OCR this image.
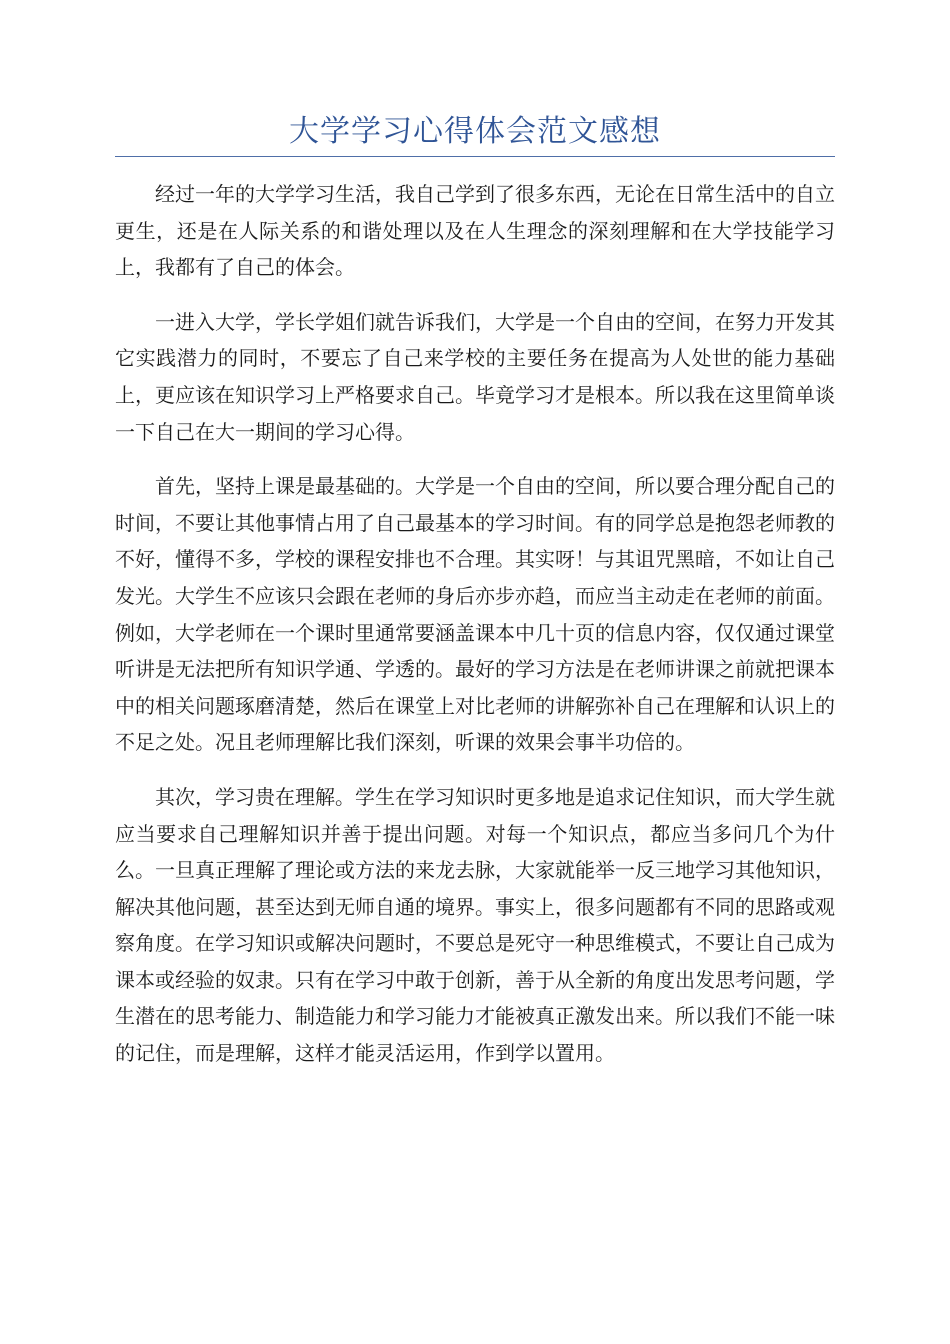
大学学习心得体会范文感想

经过一年的大学学习生活，我自己学到了很多东西，无论在日常生活中的自立更生，还是在人际关系的和谐处理以及在人生理念的深刻理解和在大学技能学习上，我都有了自己的体会。

一进入大学，学长学姐们就告诉我们，大学是一个自由的空间，在努力开发其它实践潜力的同时，不要忘了自己来学校的主要任务在提高为人处世的能力基础上，更应该在知识学习上严格要求自己。毕竟学习才是根本。所以我在这里简单谈一下自己在大一期间的学习心得。

首先，坚持上课是最基础的。大学是一个自由的空间，所以要合理分配自己的时间，不要让其他事情占用了自己最基本的学习时间。有的同学总是抱怨老师教的不好，懂得不多，学校的课程安排也不合理。其实呀！与其诅咒黑暗，不如让自己发光。大学生不应该只会跟在老师的身后亦步亦趋，而应当主动走在老师的前面。例如，大学老师在一个课时里通常要涵盖课本中几十页的信息内容，仅仅通过课堂听讲是无法把所有知识学通、学透的。最好的学习方法是在老师讲课之前就把课本中的相关问题琢磨清楚，然后在课堂上对比老师的讲解弥补自己在理解和认识上的不足之处。况且老师理解比我们深刻，听课的效果会事半功倍的。

其次，学习贵在理解。学生在学习知识时更多地是追求记住知识，而大学生就应当要求自己理解知识并善于提出问题。对每一个知识点，都应当多问几个为什么。一旦真正理解了理论或方法的来龙去脉，大家就能举一反三地学习其他知识，解决其他问题，甚至达到无师自通的境界。事实上，很多问题都有不同的思路或观察角度。在学习知识或解决问题时，不要总是死守一种思维模式，不要让自己成为课本或经验的奴隶。只有在学习中敢于创新，善于从全新的角度出发思考问题，学生潜在的思考能力、制造能力和学习能力才能被真正激发出来。所以我们不能一味的记住，而是理解，这样才能灵活运用，作到学以置用。
